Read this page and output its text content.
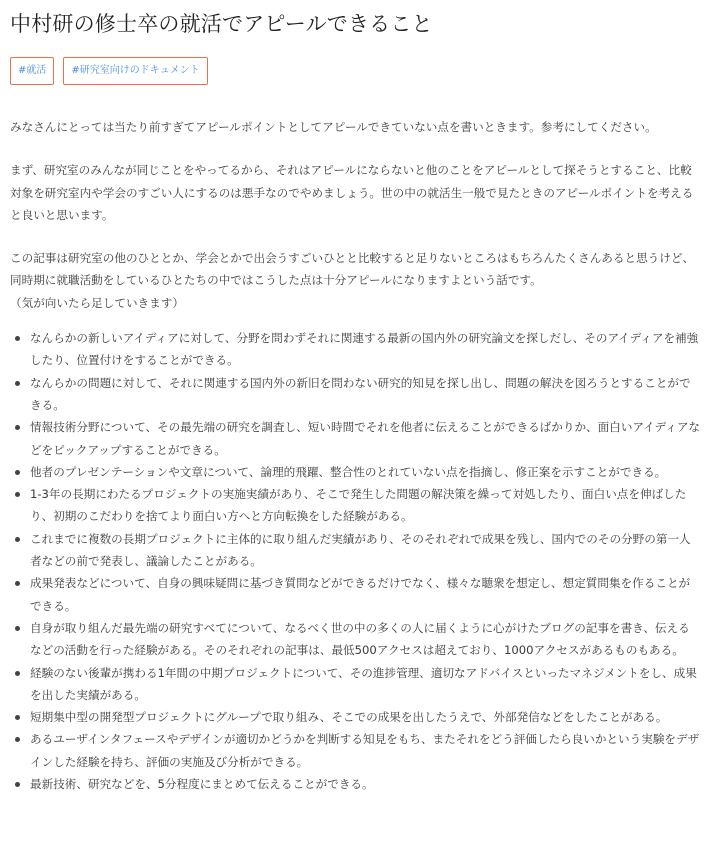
中村研の修士卒の就活でアピールできること
#就活	#研究室向けのドキュメント

みなさんにとっては当たり前すぎてアピールポイントとしてアピールできていない点を書いときます。参考にしてください。

まず、研究室のみんなが同じことをやってるから、それはアピールにならないと他のことをアピールとして探そうとすること、比較対象を研究室内や学会のすごい人にするのは悪手なのでやめましょう。世の中の就活生一般で見たときのアピールポイントを考えると良いと思います。

この記事は研究室の他のひととか、学会とかで出会うすごいひとと比較すると足りないところはもちろんたくさんあると思うけど、同時期に就職活動をしているひとたちの中ではこうした点は十分アピールになりますよという話です。
（気が向いたら足していきます）

なんらかの新しいアイディアに対して、分野を問わずそれに関連する最新の国内外の研究論文を探しだし、そのアイディアを補強したり、位置付けをすることができる。
なんらかの問題に対して、それに関連する国内外の新旧を問わない研究的知見を探し出し、問題の解決を図ろうとすることができる。
情報技術分野について、その最先端の研究を調査し、短い時間でそれを他者に伝えることができるばかりか、面白いアイディアなどをピックアップすることができる。
他者のプレゼンテーションや文章について、論理的飛躍、整合性のとれていない点を指摘し、修正案を示すことができる。
1-3年の長期にわたるプロジェクトの実施実績があり、そこで発生した問題の解決策を繰って対処したり、面白い点を伸ばしたり、初期のこだわりを捨てより面白い方へと方向転換をした経験がある。
これまでに複数の長期プロジェクトに主体的に取り組んだ実績があり、そのそれぞれで成果を残し、国内でのその分野の第一人者などの前で発表し、議論したことがある。
成果発表などについて、自身の興味疑問に基づき質問などができるだけでなく、様々な聴衆を想定し、想定質問集を作ることができる。
自身が取り組んだ最先端の研究すべてについて、なるべく世の中の多くの人に届くように心がけたブログの記事を書き、伝えるなどの活動を行った経験がある。そのそれぞれの記事は、最低500アクセスは超えており、1000アクセスがあるものもある。
経験のない後輩が携わる1年間の中期プロジェクトについて、その進捗管理、適切なアドバイスといったマネジメントをし、成果を出した実績がある。
短期集中型の開発型プロジェクトにグループで取り組み、そこでの成果を出したうえで、外部発信などをしたことがある。
あるユーザインタフェースやデザインが適切かどうかを判断する知見をもち、またそれをどう評価したら良いかという実験をデザインした経験を持ち、評価の実施及び分析ができる。
最新技術、研究などを、5分程度にまとめて伝えることができる。
